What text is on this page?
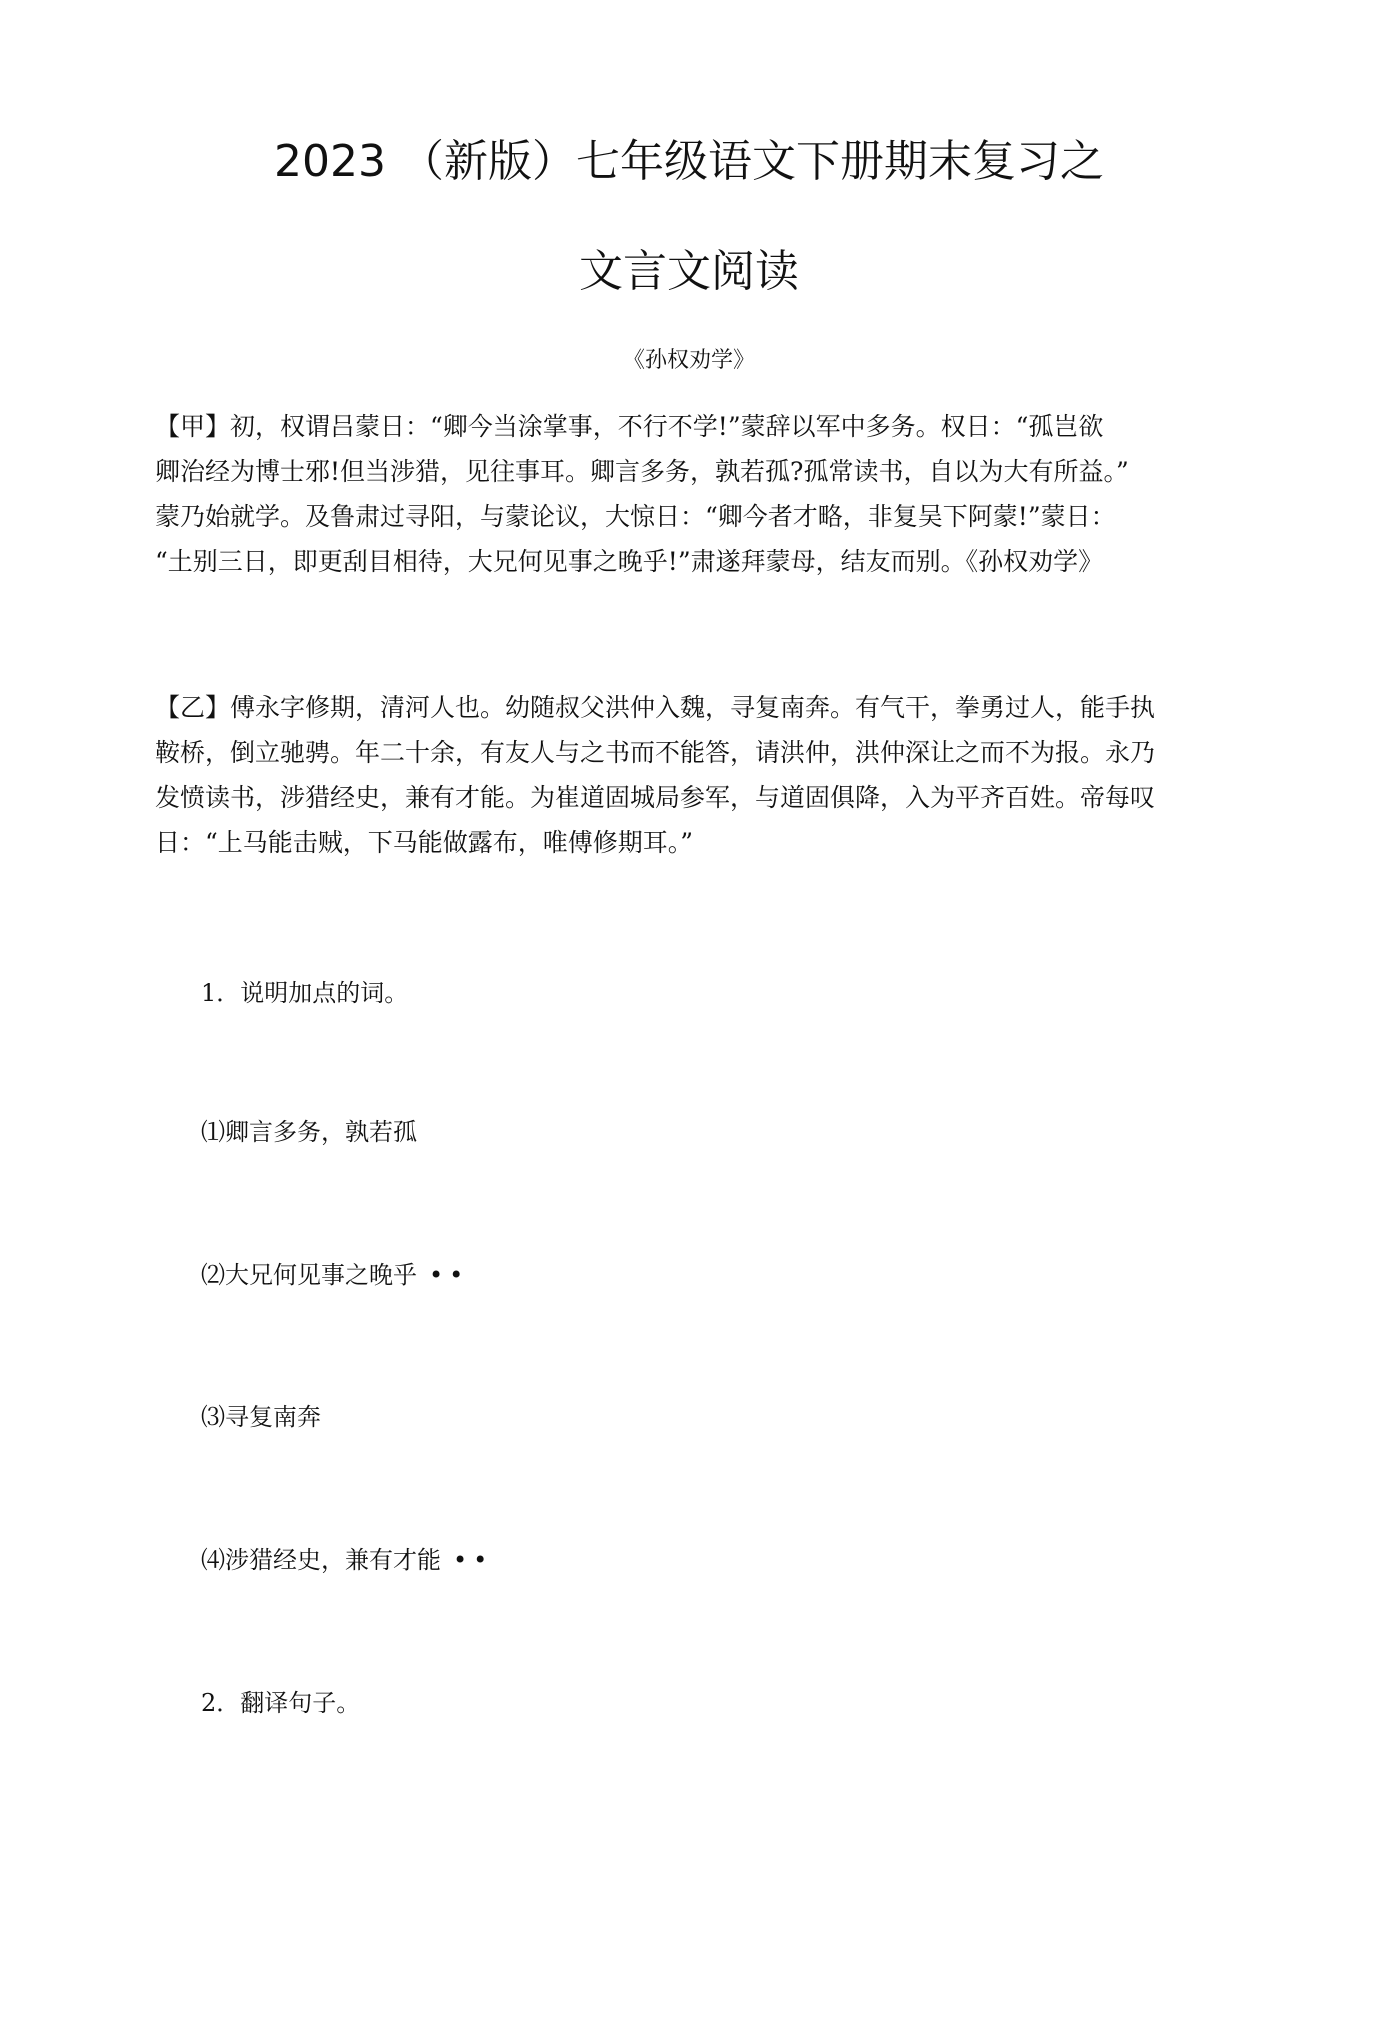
2023 （新版）七年级语文下册期末复习之
文言文阅读
《孙权劝学》
【甲】初，权谓吕蒙日：“卿今当涂掌事，不行不学!”蒙辞以军中多务。权日：“孤岂欲
卿治经为博士邪!但当涉猎，见往事耳。卿言多务，孰若孤?孤常读书，自以为大有所益。”
蒙乃始就学。及鲁肃过寻阳，与蒙论议，大惊日：“卿今者才略，非复吴下阿蒙!”蒙日：
“土别三日，即更刮目相待，大兄何见事之晚乎!”肃遂拜蒙母，结友而别。《孙权劝学》
【乙】傅永字修期，清河人也。幼随叔父洪仲入魏，寻复南奔。有气干，拳勇过人，能手执
鞍桥，倒立驰骋。年二十余，有友人与之书而不能答，请洪仲，洪仲深让之而不为报。永乃
发愤读书，涉猎经史，兼有才能。为崔道固城局参军，与道固俱降，入为平齐百姓。帝每叹
日：“上马能击贼，下马能做露布，唯傅修期耳。”
1．说明加点的词。
⑴卿言多务，孰若孤
⑵大兄何见事之晚乎 ••
⑶寻复南奔
⑷涉猎经史，兼有才能 ••
2．翻译句子。
